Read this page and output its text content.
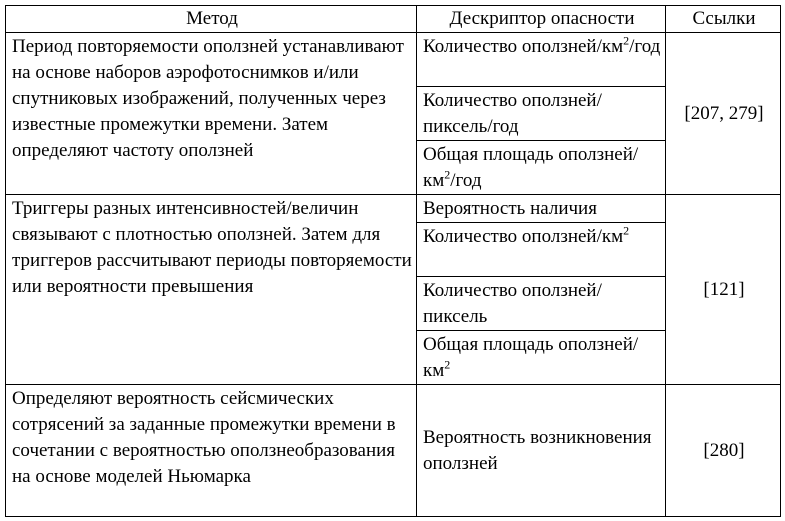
Метод	Дескриптор опасности	Ссылки
Период повторяемости оползней устанавливают на основе наборов аэрофотоснимков и/или спутниковых изображений, полученных через известные промежутки времени. Затем определяют частоту оползней	Количество оползней/$км^2$/год	[207, 279]
	Количество оползней/пиксель/год	
	Общая площадь оползней/$км^2$/год	
Триггеры разных интенсивностей/величин связывают с плотностью оползней. Затем для триггеров рассчитывают периоды повторяемости или вероятности превышения	Вероятность наличия	[121]
	Количество оползней/$км^2$
	Количество оползней/пиксель	
	Общая площадь оползней/$км^2$
Определяют вероятность сейсмических сотрясений за заданные промежутки времени в сочетании с вероятностью оползнеобразования на основе моделей Ньюмарка	Вероятность возникновения оползней	[280]
